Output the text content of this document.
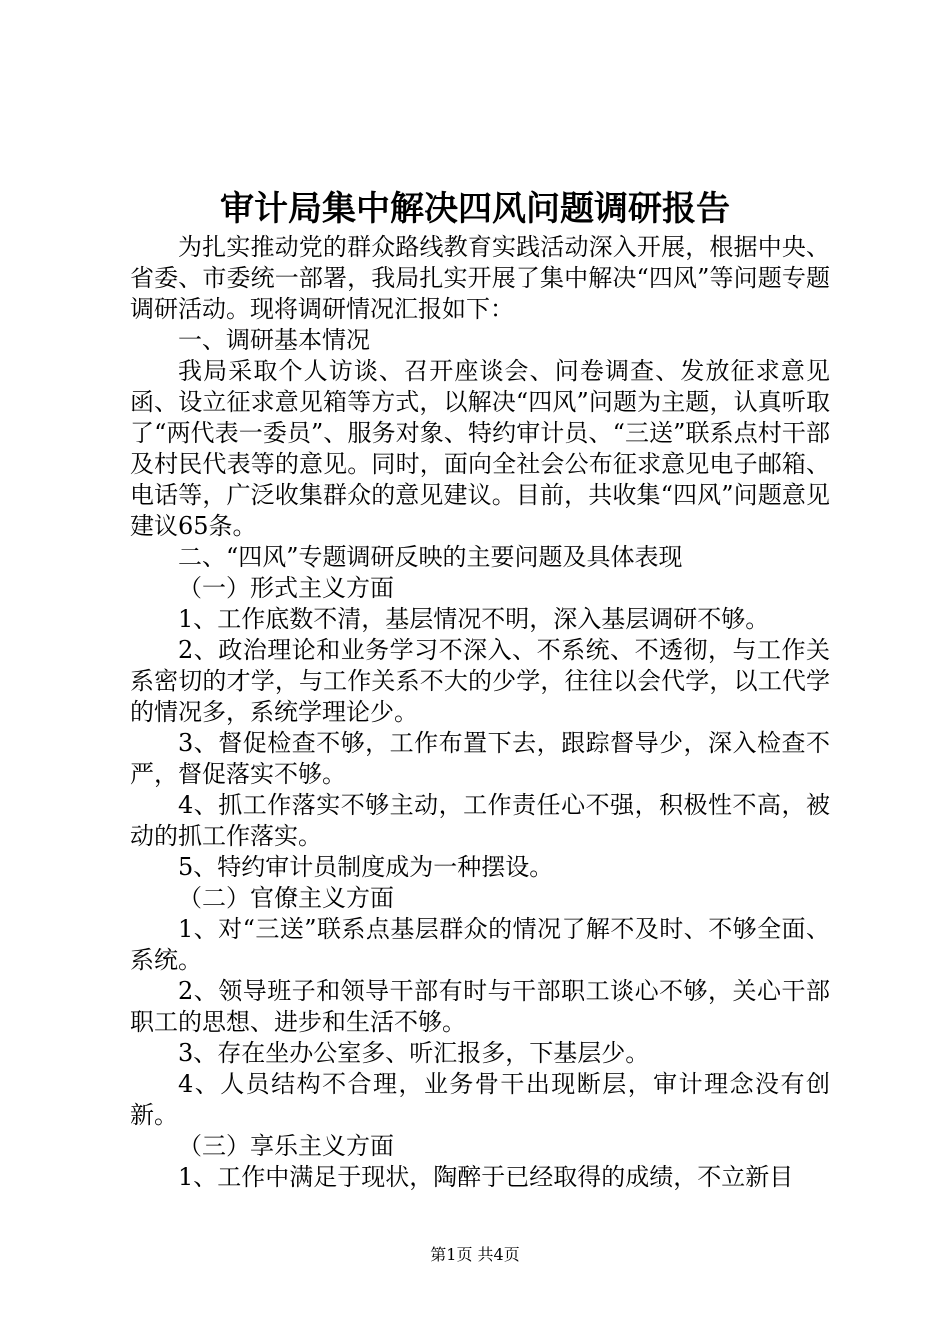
审计局集中解决四风问题调研报告

为扎实推动党的群众路线教育实践活动深入开展，根据中央、省委、市委统一部署，我局扎实开展了集中解决“四风”等问题专题调研活动。现将调研情况汇报如下：

一、调研基本情况

我局采取个人访谈、召开座谈会、问卷调查、发放征求意见函、设立征求意见箱等方式，以解决“四风”问题为主题，认真听取了“两代表一委员”、服务对象、特约审计员、“三送”联系点村干部及村民代表等的意见。同时，面向全社会公布征求意见电子邮箱、电话等，广泛收集群众的意见建议。目前，共收集“四风”问题意见建议65条。

二、“四风”专题调研反映的主要问题及具体表现

（一）形式主义方面

1、工作底数不清，基层情况不明，深入基层调研不够。

2、政治理论和业务学习不深入、不系统、不透彻，与工作关系密切的才学，与工作关系不大的少学，往往以会代学，以工代学的情况多，系统学理论少。

3、督促检查不够，工作布置下去，跟踪督导少，深入检查不严，督促落实不够。

4、抓工作落实不够主动，工作责任心不强，积极性不高，被动的抓工作落实。

5、特约审计员制度成为一种摆设。

（二）官僚主义方面

1、对“三送”联系点基层群众的情况了解不及时、不够全面、系统。

2、领导班子和领导干部有时与干部职工谈心不够，关心干部职工的思想、进步和生活不够。

3、存在坐办公室多、听汇报多，下基层少。

4、人员结构不合理，业务骨干出现断层，审计理念没有创新。

（三）享乐主义方面

1、工作中满足于现状，陶醉于已经取得的成绩，不立新目

第1页 共4页
